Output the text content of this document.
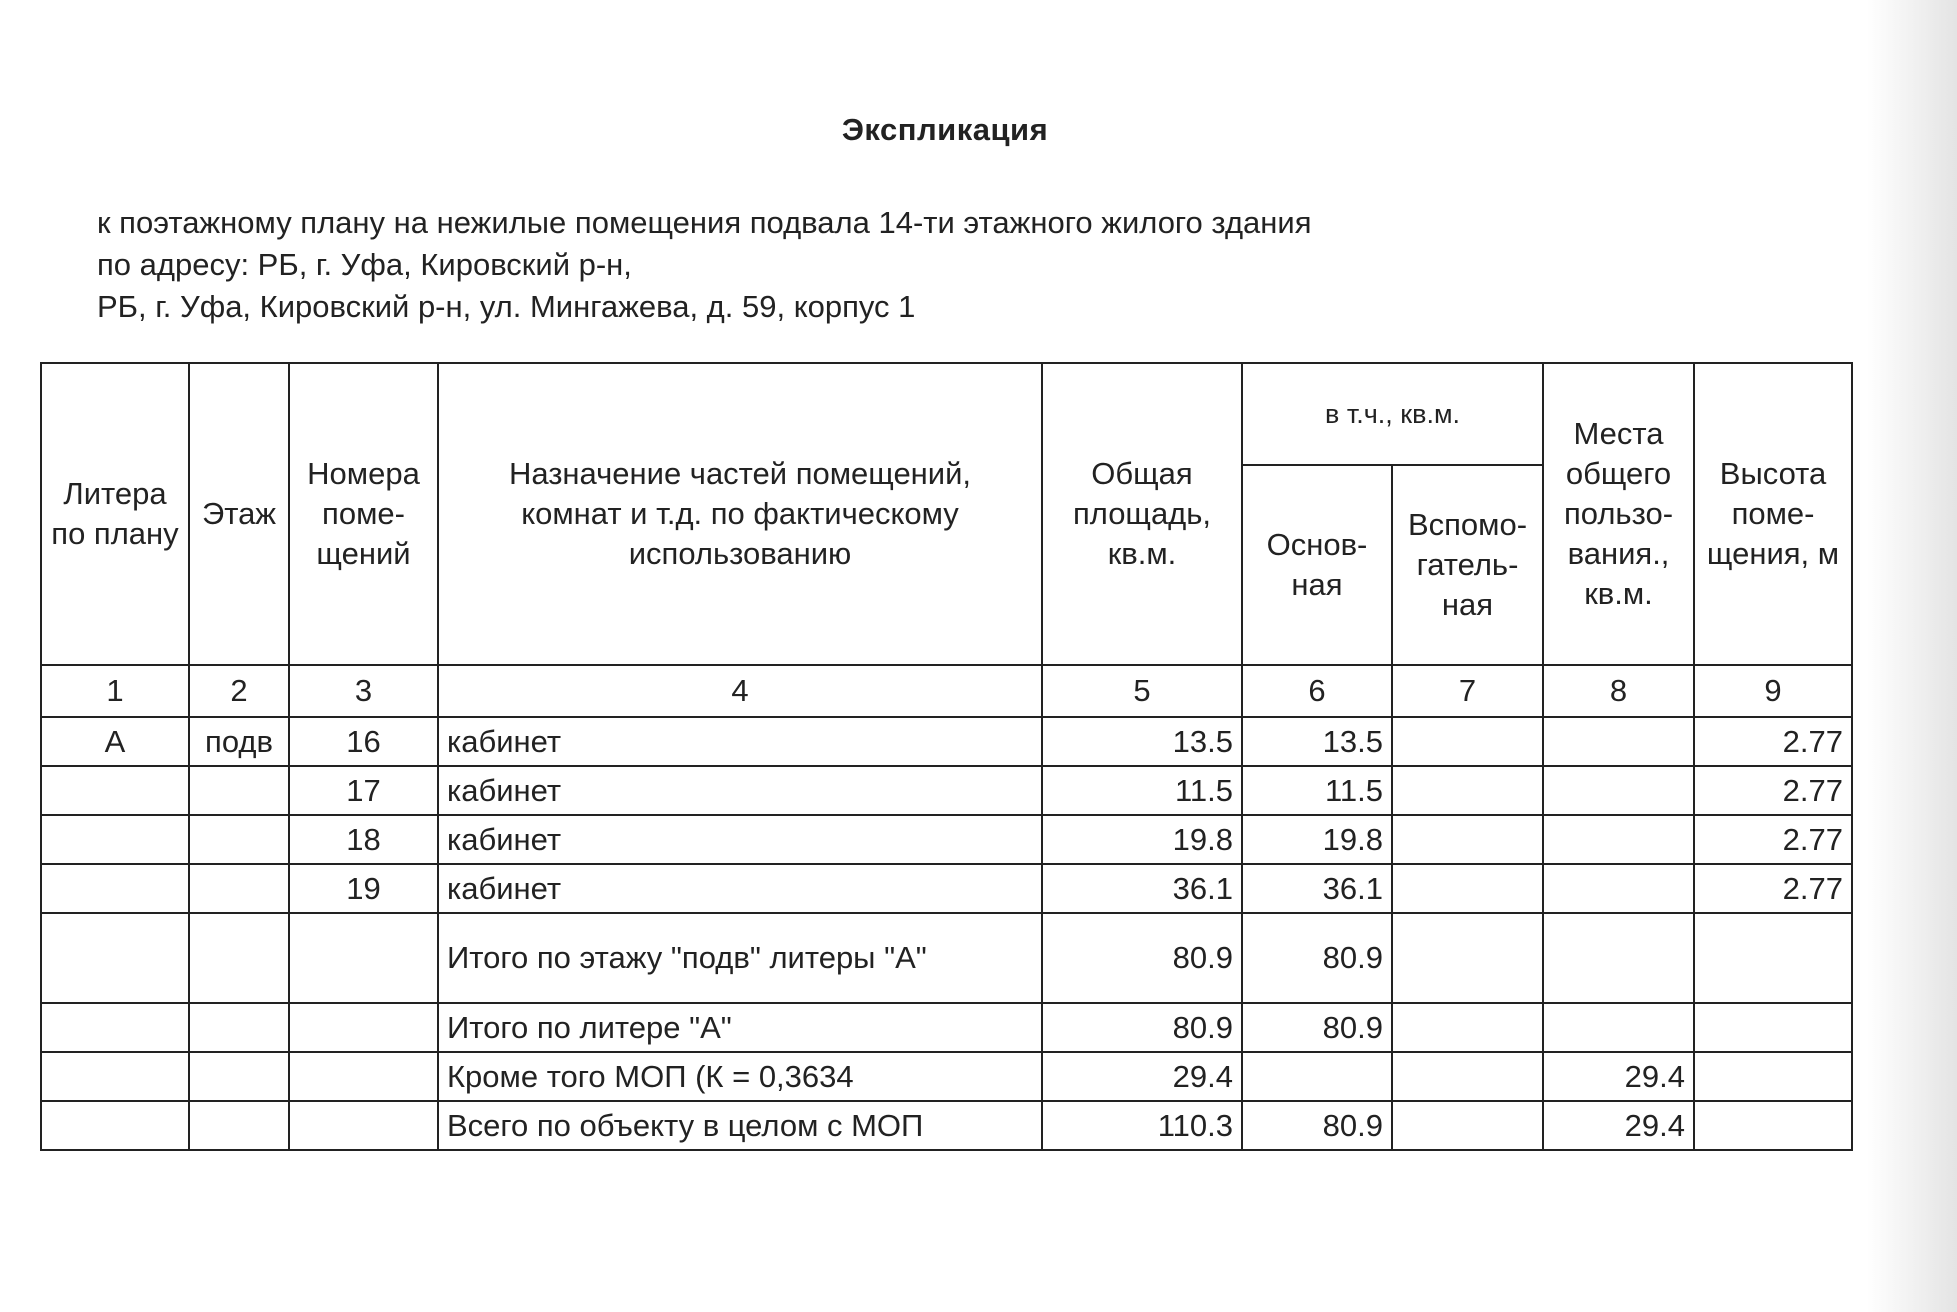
Экспликация
к поэтажному плану на нежилые помещения подвала 14-ти этажного жилого здания
по адресу: РБ, г. Уфа, Кировский р-н,
РБ, г. Уфа, Кировский р-н, ул. Мингажева, д. 59, корпус 1
Литера по плану	Этаж	Номера поме- щений	Назначение частей помещений, комнат и т.д. по фактическому использованию	Общая площадь, кв.м.	в т.ч., кв.м.		Места общего пользо- вания., кв.м.	Высота поме- щения, м
					Основ- ная	Вспомо- гатель- ная		
1	2	3	4	5	6	7	8	9
А	подв	16	кабинет	13.5	13.5			2.77
		17	кабинет	11.5	11.5			2.77
		18	кабинет	19.8	19.8			2.77
		19	кабинет	36.1	36.1			2.77
			Итого по этажу "подв" литеры "А"	80.9	80.9			
			Итого по литере "А"	80.9	80.9			
			Кроме того МОП (К = 0,3634	29.4			29.4	
			Всего по объекту в целом с МОП	110.3	80.9		29.4	
